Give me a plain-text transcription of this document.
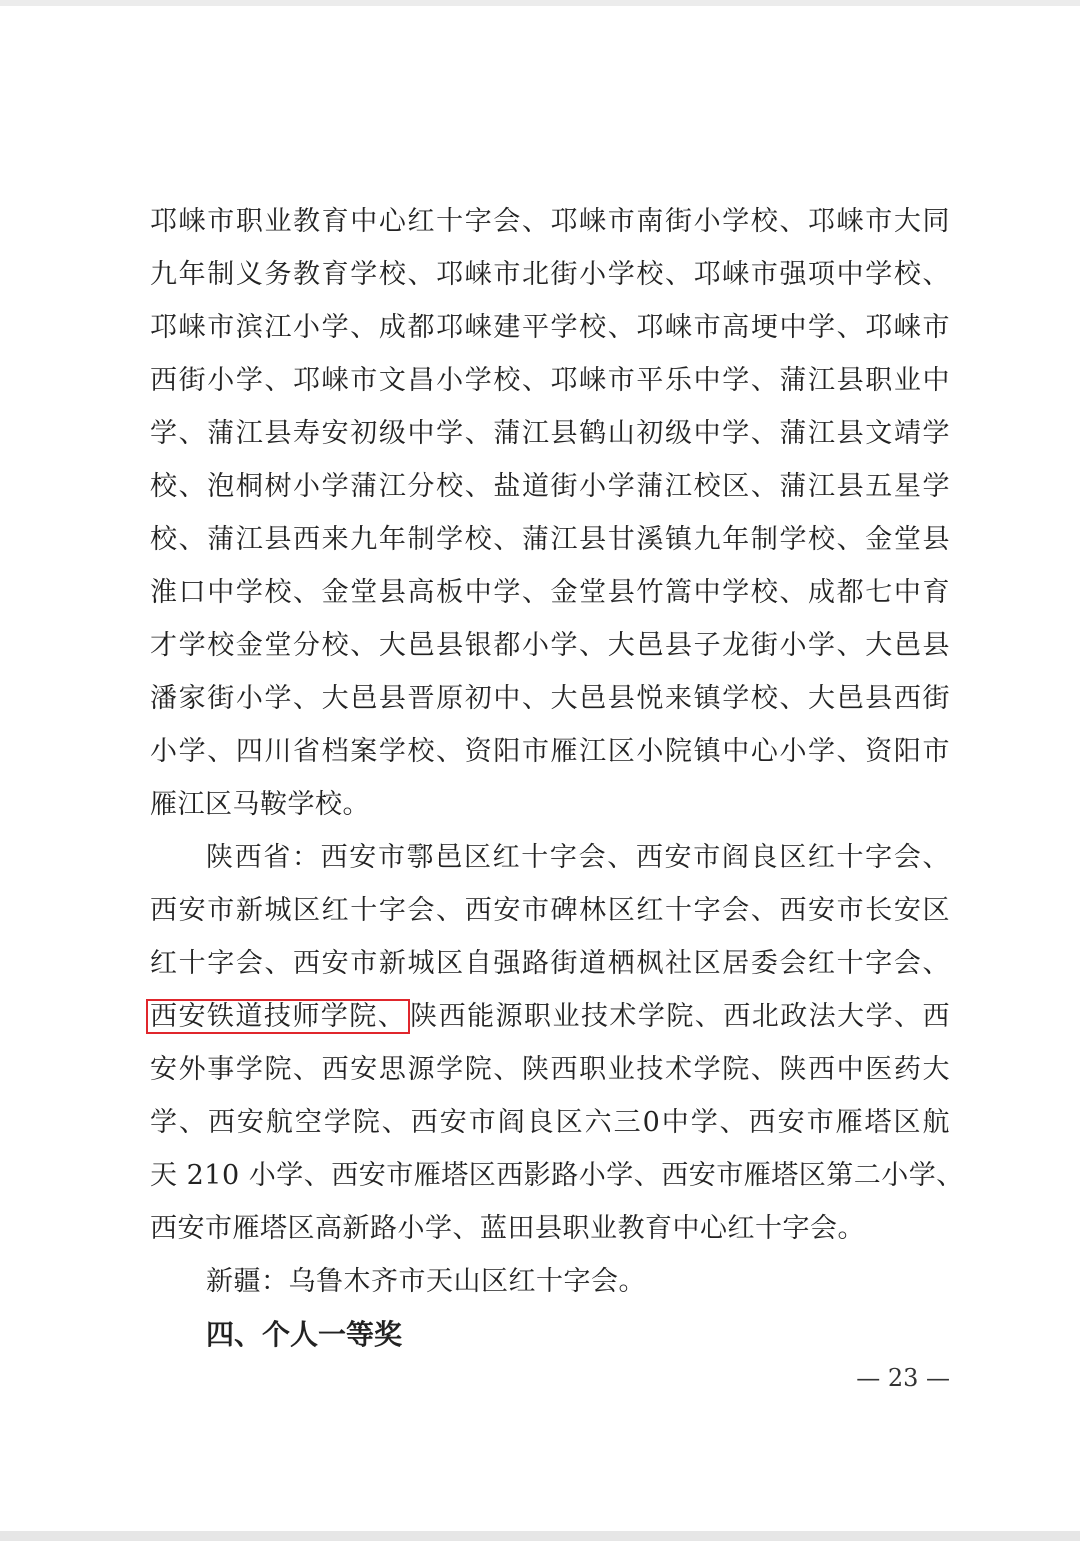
邛崃市职业教育中心红十字会、邛崃市南街小学校、邛崃市大同
九年制义务教育学校、邛崃市北街小学校、邛崃市强项中学校、
邛崃市滨江小学、成都邛崃建平学校、邛崃市高埂中学、邛崃市
西街小学、邛崃市文昌小学校、邛崃市平乐中学、蒲江县职业中
学、蒲江县寿安初级中学、蒲江县鹤山初级中学、蒲江县文靖学
校、泡桐树小学蒲江分校、盐道街小学蒲江校区、蒲江县五星学
校、蒲江县西来九年制学校、蒲江县甘溪镇九年制学校、金堂县
淮口中学校、金堂县高板中学、金堂县竹篙中学校、成都七中育
才学校金堂分校、大邑县银都小学、大邑县子龙街小学、大邑县
潘家街小学、大邑县晋原初中、大邑县悦来镇学校、大邑县西街
小学、四川省档案学校、资阳市雁江区小院镇中心小学、资阳市
雁江区马鞍学校。
陕西省：西安市鄠邑区红十字会、西安市阎良区红十字会、
西安市新城区红十字会、西安市碑林区红十字会、西安市长安区
红十字会、西安市新城区自强路街道栖枫社区居委会红十字会、
西安铁道技师学院、 陕西能源职业技术学院、西北政法大学、西
安外事学院、西安思源学院、陕西职业技术学院、陕西中医药大
学、西安航空学院、西安市阎良区六三0中学、西安市雁塔区航
天 210 小学、西安市雁塔区西影路小学、西安市雁塔区第二小学、
西安市雁塔区高新路小学、蓝田县职业教育中心红十字会。
新疆：乌鲁木齐市天山区红十字会。
四、个人一等奖
— 23 —
